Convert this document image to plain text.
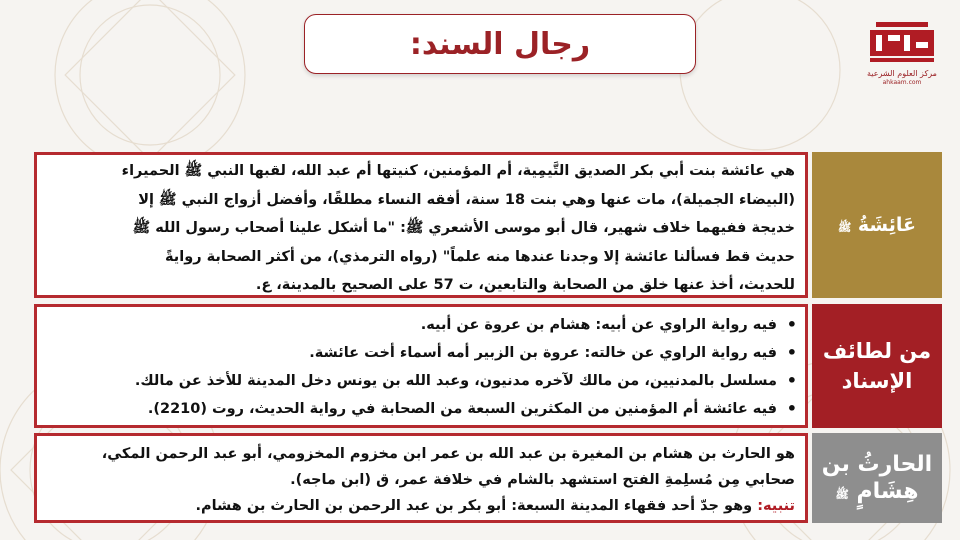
رجال السند:
مركز العلوم الشرعية
ahkaam.com

هي عائشة بنت أبي بكر الصديق التَّيمِية، أم المؤمنين، كنيتها أم عبد الله، لقبها النبي ﷺ الحميراء
(البيضاء الجميلة)، مات عنها وهي بنت 18 سنة، أفقه النساء مطلقًا، وأفضل أزواج النبي ﷺ إلا
خديجة ففيهما خلاف شهير، قال أبو موسى الأشعري ﷺ: "ما أشكل علينا أصحاب رسول الله ﷺ
حديث قط فسألنا عائشة إلا وجدنا عندها منه علماً" (رواه الترمذي)، من أكثر الصحابة روايةً
للحديث، أخذ عنها خلق من الصحابة والتابعين، ت 57 على الصحيح بالمدينة، ع.

عَائِشَةُ ﷺ
• فيه رواية الراوي عن أبيه: هشام بن عروة عن أبيه.
• فيه رواية الراوي عن خالته: عروة بن الزبير أمه أسماء أخت عائشة.
• مسلسل بالمدنيين، من مالك لآخره مدنيون، وعبد الله بن يونس دخل المدينة للأخذ عن مالك.
• فيه عائشة أم المؤمنين من المكثرين السبعة من الصحابة في رواية الحديث، روت (2210).
من لطائف
الإسناد

هو الحارث بن هشام بن المغيرة بن عبد الله بن عمر ابن مخزوم المخزومي، أبو عبد الرحمن المكي،
صحابي مِن مُسلِمةِ الفتح استشهد بالشام في خلافة عمر، ق (ابن ماجه).
تنبيه: وهو جدّ أحد فقهاء المدينة السبعة: أبو بكر بن عبد الرحمن بن الحارث بن هشام.

الحارثُ بن
هِشَامٍ ﷺ
